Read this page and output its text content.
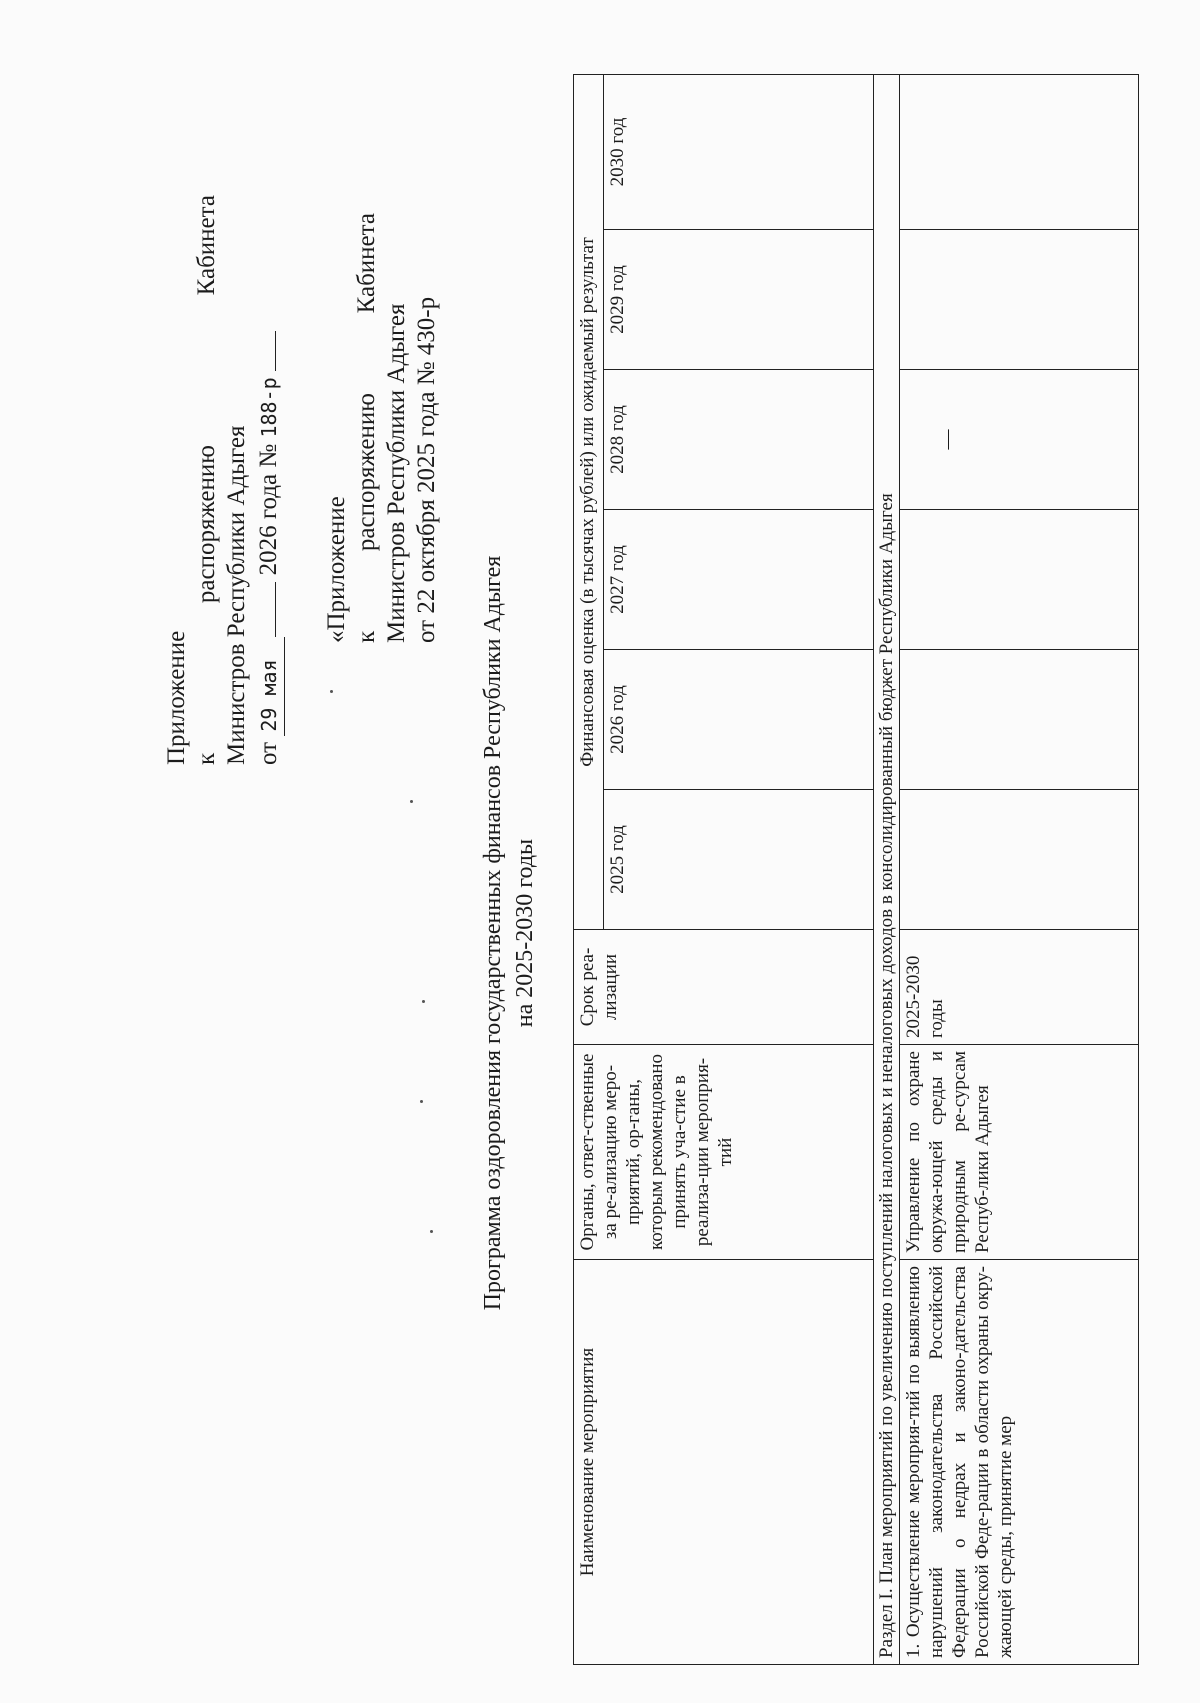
Приложение к
распоряжению
Кабинета
Министров Республики Адыгея от 29 мая 2026 года № 188-р
«Приложение к
распоряжению
Кабинета
Министров Республики Адыгея от 22 октября 2025 года № 430-р
Программа оздоровления государственных финансов Республики Адыгея на 2025-2030 годы
Наименование мероприятия	Органы, ответ-ственные за ре-ализацию меро-приятий, ор-ганы, которым рекомендовано принять уча-стие в реализа-ции мероприя-тий	Срок реа-лизации	Финансовая оценка (в тысячах рублей) или ожидаемый результат					
			2025 год	2026 год	2027 год	2028 год	2029 год	2030 год
Раздел I. План мероприятий по увеличению поступлений налоговых и неналоговых доходов в консолидированный бюджет Республики Адыгея								
1. Осуществление мероприя-тий по выявлению нарушений законодательства Российской Федерации о недрах и законо-дательства Российской Феде-рации в области охраны окру-жающей среды, принятие мер	Управление по охране окружа-ющей среды и природным ре-сурсам Респуб-лики Адыгея	2025-2030 годы				—		
